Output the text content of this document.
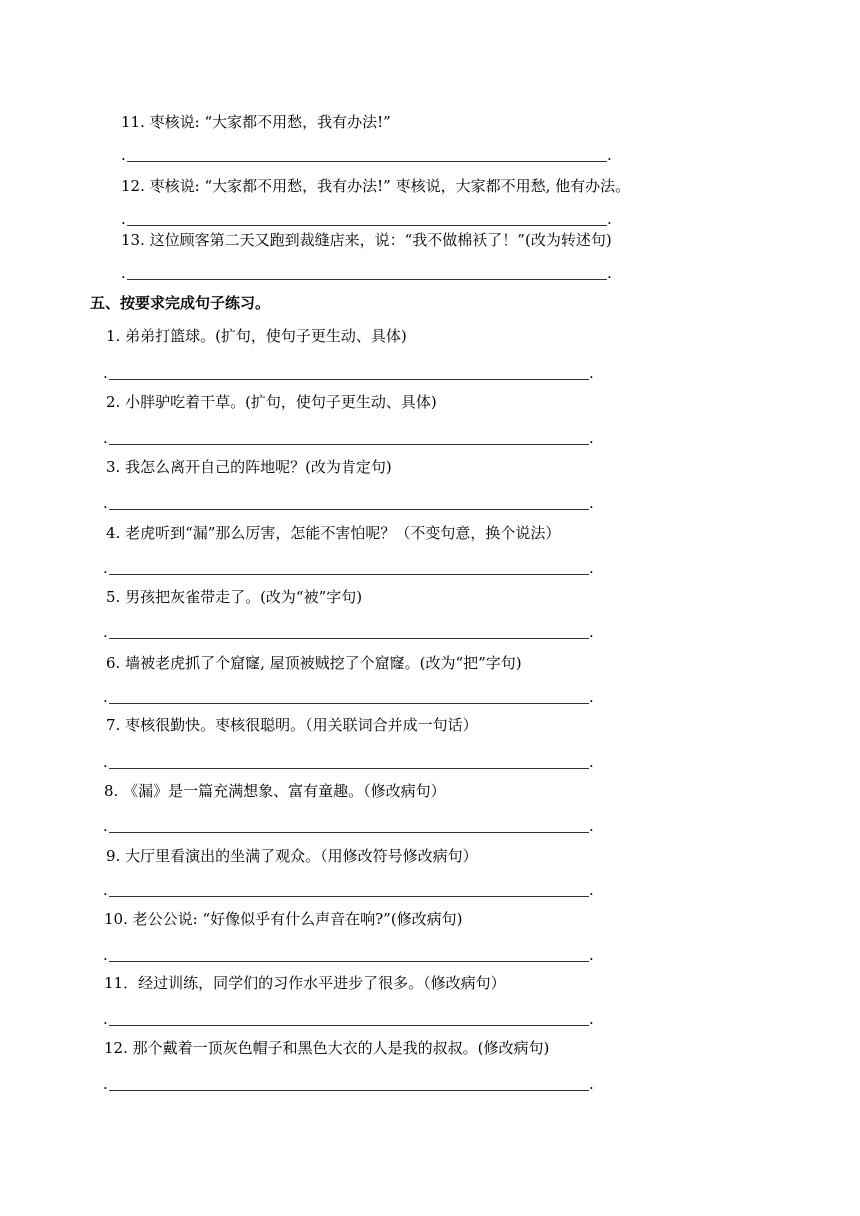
11. 枣核说: “大家都不用愁，我有办法!”
.	.
12. 枣核说: “大家都不用愁，我有办法!” 枣核说，大家都不用愁, 他有办法。
.	.
13. 这位顾客第二天又跑到裁缝店来，说：“我不做棉袄了！”(改为转述句)
.	.
五、按要求完成句子练习。
1. 弟弟打篮球。(扩句，使句子更生动、具体)
.	.
2. 小胖驴吃着干草。(扩句，使句子更生动、具体)
.	.
3. 我怎么离开自己的阵地呢？(改为肯定句)
.	.
4. 老虎听到“漏”那么厉害，怎能不害怕呢？（不变句意，换个说法）
.	.
5. 男孩把灰雀带走了。(改为“被”字句)
.	.
6. 墙被老虎抓了个窟窿, 屋顶被贼挖了个窟窿。(改为“把”字句)
.	.
7. 枣核很勤快。枣核很聪明。（用关联词合并成一句话）
.	.
8. 《漏》是一篇充满想象、富有童趣。（修改病句）
.	.
9. 大厅里看演出的坐满了观众。（用修改符号修改病句）
.	.
10. 老公公说: “好像似乎有什么声音在响?”(修改病句)
.	.
11．经过训练，同学们的习作水平进步了很多。（修改病句）
.	.
12. 那个戴着一顶灰色帽子和黑色大衣的人是我的叔叔。(修改病句)
.	.
